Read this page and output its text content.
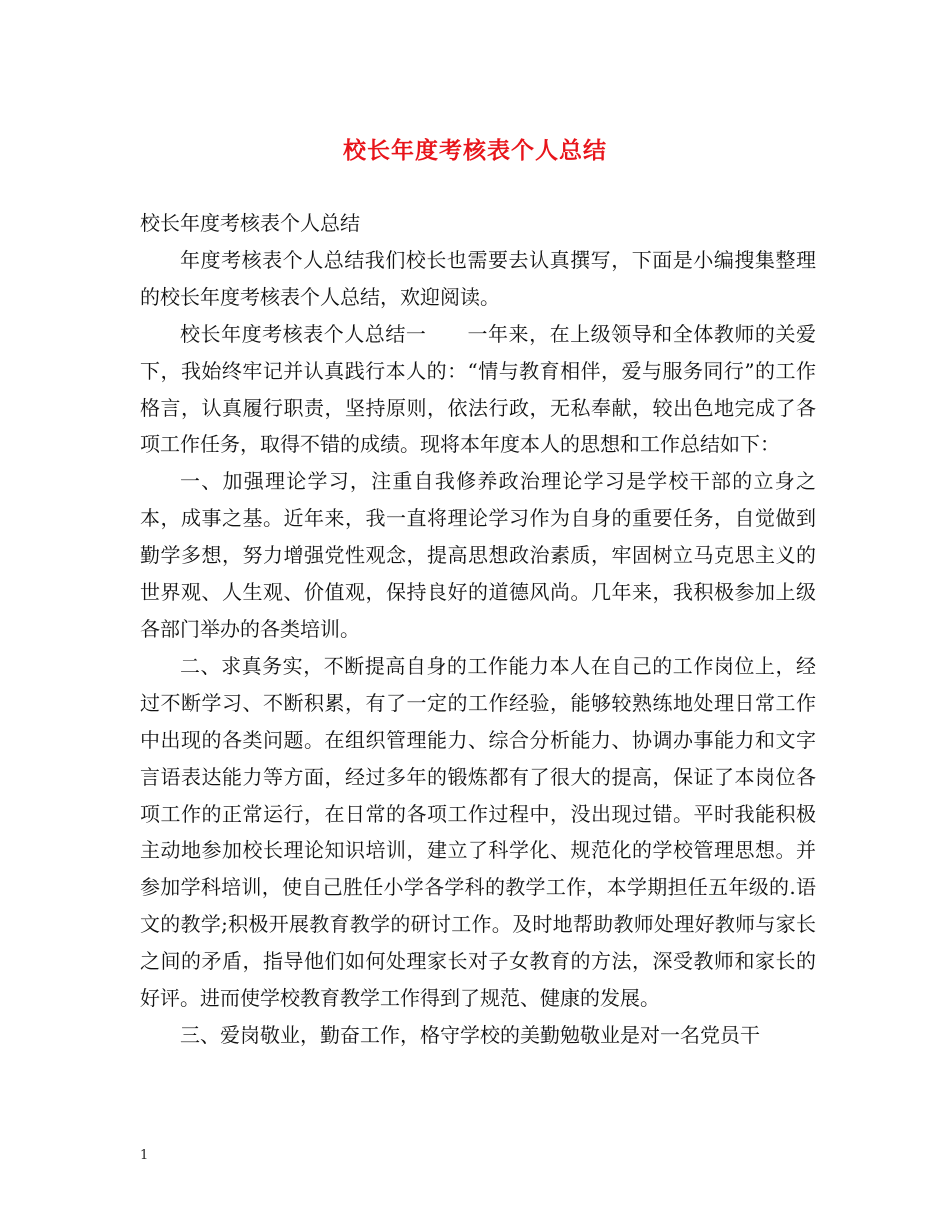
校长年度考核表个人总结

校长年度考核表个人总结

年度考核表个人总结我们校长也需要去认真撰写，下面是小编搜集整理的校长年度考核表个人总结，欢迎阅读。

校长年度考核表个人总结一　　一年来，在上级领导和全体教师的关爱下，我始终牢记并认真践行本人的：“情与教育相伴，爱与服务同行”的工作格言，认真履行职责，坚持原则，依法行政，无私奉献，较出色地完成了各项工作任务，取得不错的成绩。现将本年度本人的思想和工作总结如下：

一、加强理论学习，注重自我修养政治理论学习是学校干部的立身之本，成事之基。近年来，我一直将理论学习作为自身的重要任务，自觉做到勤学多想，努力增强党性观念，提高思想政治素质，牢固树立马克思主义的世界观、人生观、价值观，保持良好的道德风尚。几年来，我积极参加上级各部门举办的各类培训。

二、求真务实，不断提高自身的工作能力本人在自己的工作岗位上，经过不断学习、不断积累，有了一定的工作经验，能够较熟练地处理日常工作中出现的各类问题。在组织管理能力、综合分析能力、协调办事能力和文字言语表达能力等方面，经过多年的锻炼都有了很大的提高，保证了本岗位各项工作的正常运行，在日常的各项工作过程中，没出现过错。平时我能积极主动地参加校长理论知识培训，建立了科学化、规范化的学校管理思想。并参加学科培训，使自己胜任小学各学科的教学工作，本学期担任五年级的.语文的教学;积极开展教育教学的研讨工作。及时地帮助教师处理好教师与家长之间的矛盾，指导他们如何处理家长对子女教育的方法，深受教师和家长的好评。进而使学校教育教学工作得到了规范、健康的发展。

三、爱岗敬业，勤奋工作，格守学校的美勤勉敬业是对一名党员干

1
